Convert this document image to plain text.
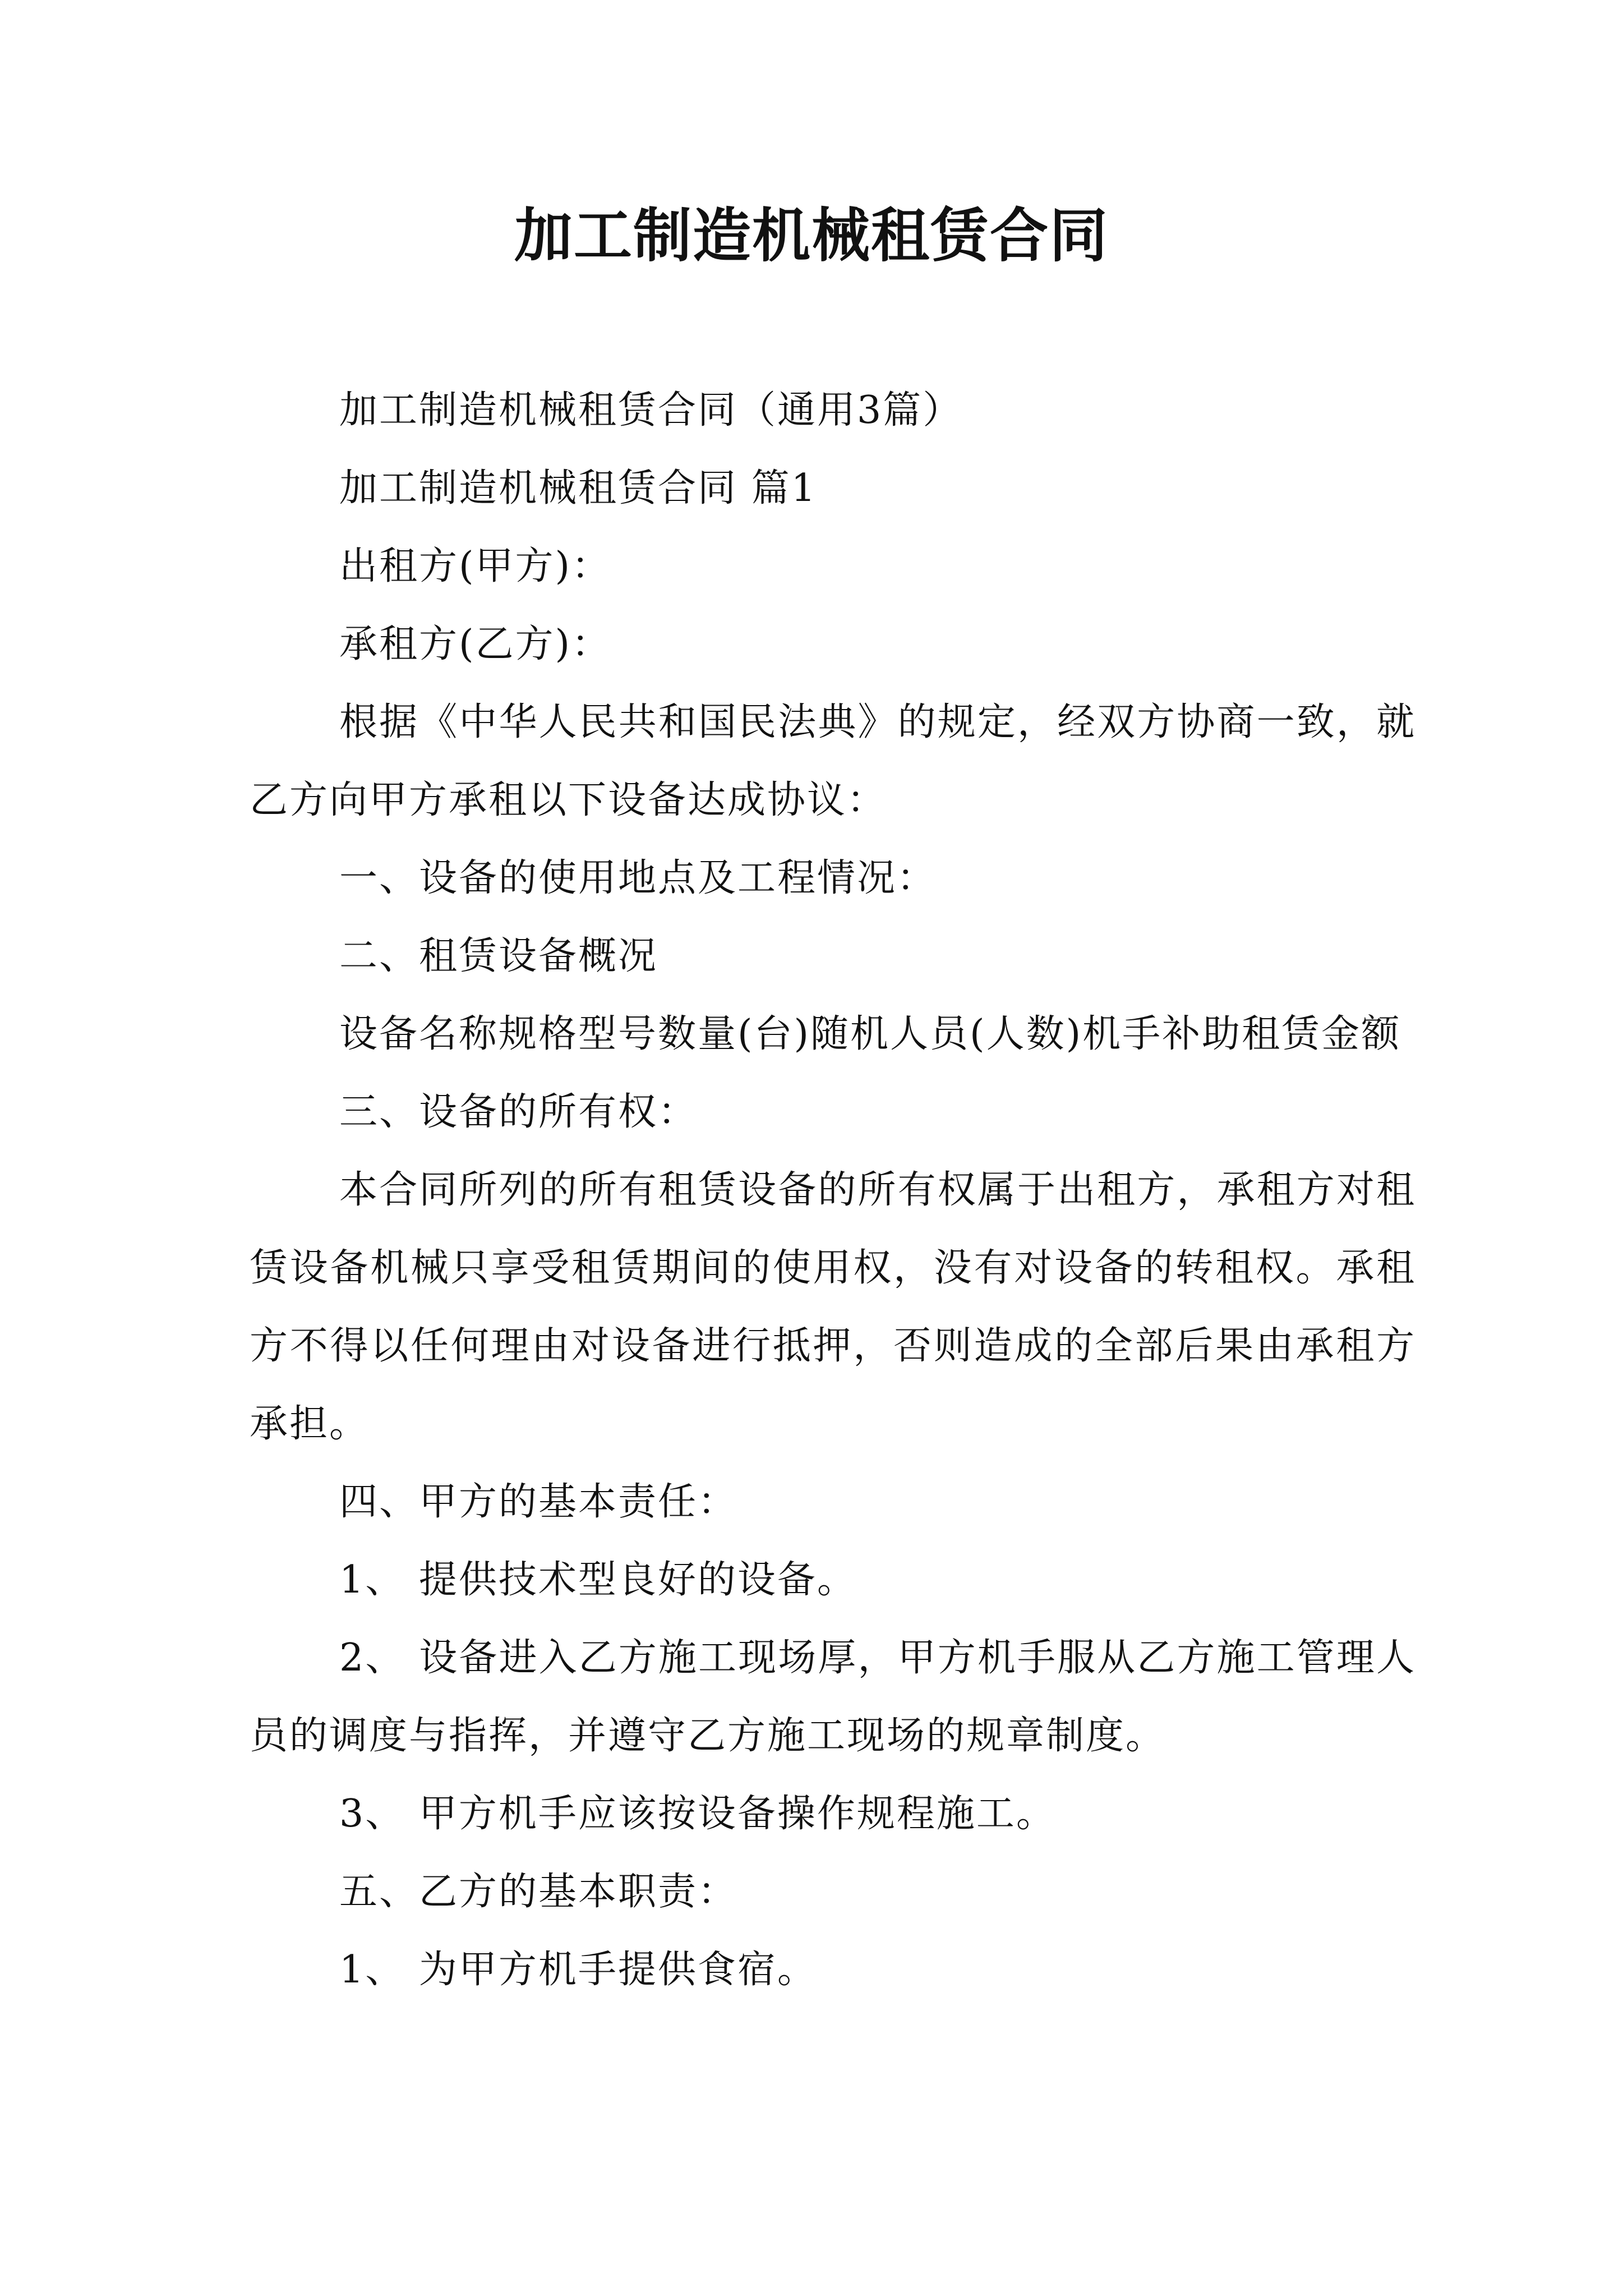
加工制造机械租赁合同

加工制造机械租赁合同（通用3篇）

加工制造机械租赁合同 篇1

出租方(甲方)：

承租方(乙方)：

根据《中华人民共和国民法典》的规定，经双方协商一致，就乙方向甲方承租以下设备达成协议：

一、设备的使用地点及工程情况：

二、租赁设备概况

设备名称规格型号数量(台)随机人员(人数)机手补助租赁金额

三、设备的所有权：

本合同所列的所有租赁设备的所有权属于出租方，承租方对租赁设备机械只享受租赁期间的使用权，没有对设备的转租权。承租方不得以任何理由对设备进行抵押，否则造成的全部后果由承租方承担。

四、甲方的基本责任：

1、 提供技术型良好的设备。

2、 设备进入乙方施工现场厚，甲方机手服从乙方施工管理人员的调度与指挥，并遵守乙方施工现场的规章制度。

3、 甲方机手应该按设备操作规程施工。

五、乙方的基本职责：

1、 为甲方机手提供食宿。
